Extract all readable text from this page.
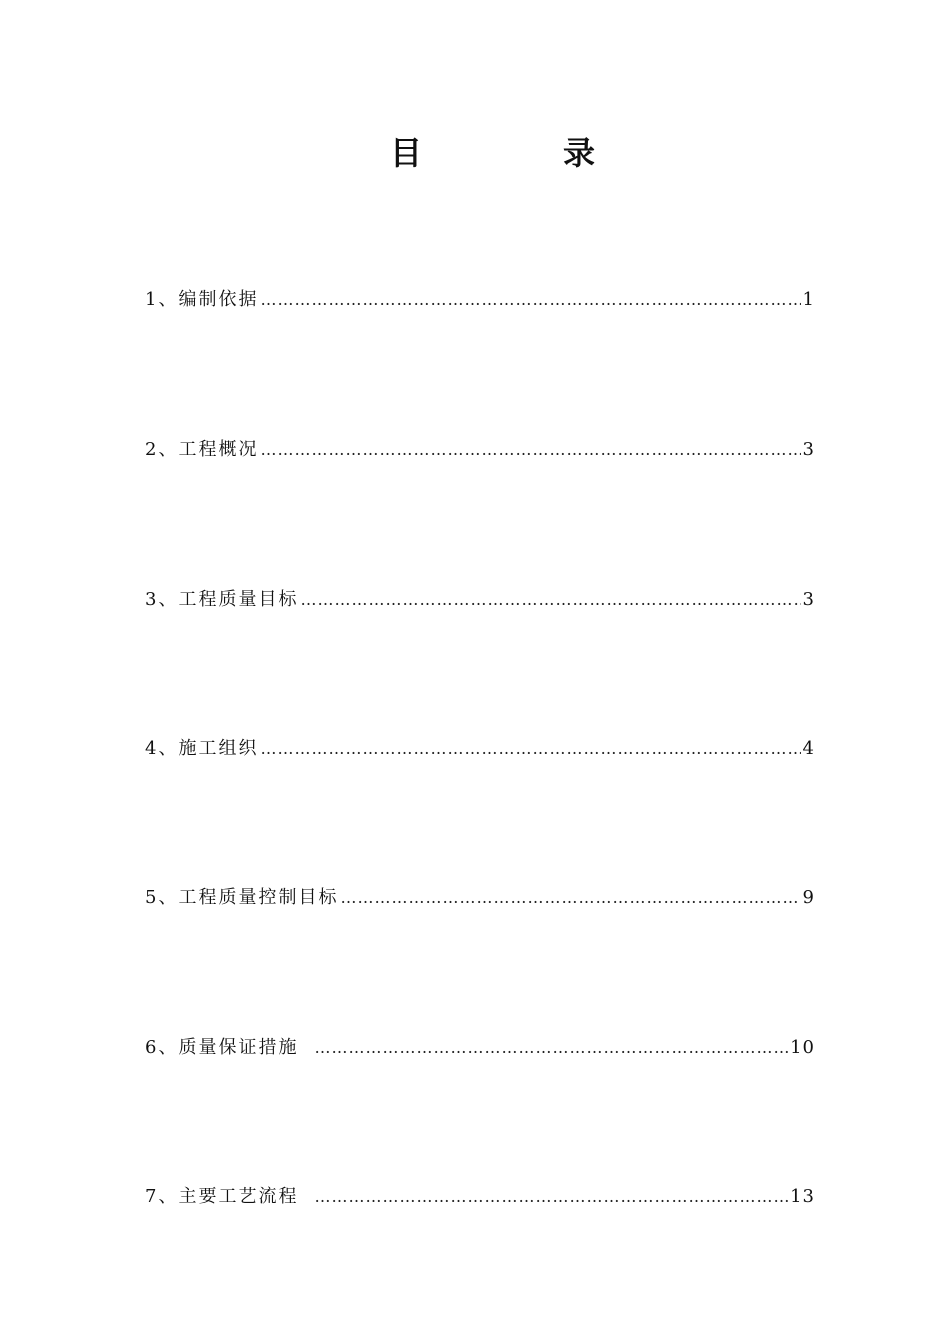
目	录
1、 编制依据 ……………………………………………………………………………………………………………………………………………………………………………………………	1
2、 工程概况 ……………………………………………………………………………………………………………………………………………………………………………………………	3
3、 工程质量目标 ……………………………………………………………………………………………………………………………………………………………………………………………	3
4、 施工组织 ……………………………………………………………………………………………………………………………………………………………………………………………	4
5、 工程质量控制目标 ……………………………………………………………………………………………………………………………………………………………………………………………	9
6、 质量保证措施 ……………………………………………………………………………………………………………………………………………………………………………………………	10
7、 主要工艺流程 ……………………………………………………………………………………………………………………………………………………………………………………………	13
